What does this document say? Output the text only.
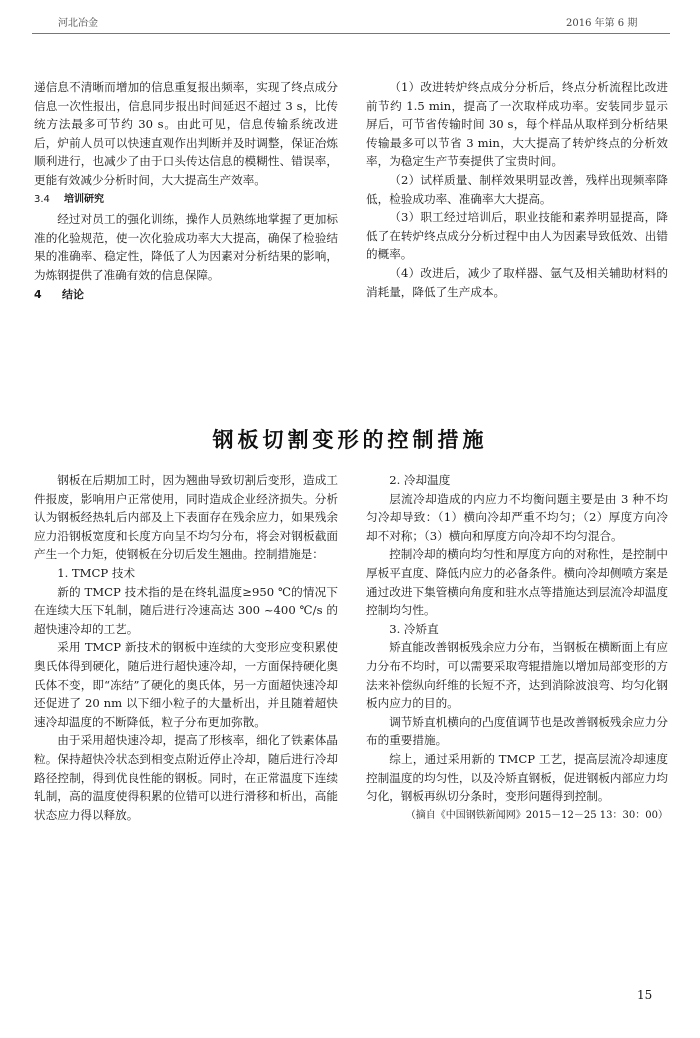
河北冶金	2016 年第 6 期

递信息不清晰而增加的信息重复报出频率，实现了终点成分信息一次性报出，信息同步报出时间延迟不超过 3 s，比传统方法最多可节约 30 s。由此可见，信息传输系统改进后，炉前人员可以快速直观作出判断并及时调整，保证冶炼顺利进行，也减少了由于口头传达信息的模糊性、错误率，更能有效减少分析时间，大大提高生产效率。

3.4 培训研究

经过对员工的强化训练，操作人员熟练地掌握了更加标准的化验规范，使一次化验成功率大大提高，确保了检验结果的准确率、稳定性，降低了人为因素对分析结果的影响，为炼钢提供了准确有效的信息保障。

4 结论

（1）改进转炉终点成分分析后，终点分析流程比改进前节约 1.5 min，提高了一次取样成功率。安装同步显示屏后，可节省传输时间 30 s，每个样品从取样到分析结果传输最多可以节省 3 min，大大提高了转炉终点的分析效率，为稳定生产节奏提供了宝贵时间。

（2）试样质量、制样效果明显改善，残样出现频率降低，检验成功率、准确率大大提高。

（3）职工经过培训后，职业技能和素养明显提高，降低了在转炉终点成分分析过程中由人为因素导致低效、出错的概率。

（4）改进后，减少了取样器、氩气及相关辅助材料的消耗量，降低了生产成本。

钢板切割变形的控制措施

钢板在后期加工时，因为翘曲导致切割后变形，造成工件报废，影响用户正常使用，同时造成企业经济损失。分析认为钢板经热轧后内部及上下表面存在残余应力，如果残余应力沿钢板宽度和长度方向呈不均匀分布，将会对钢板截面产生一个力矩，使钢板在分切后发生翘曲。控制措施是：

1. TMCP 技术

新的 TMCP 技术指的是在终轧温度≥950 ℃的情况下在连续大压下轧制，随后进行冷速高达 300 ~400 ℃/s 的超快速冷却的工艺。

采用 TMCP 新技术的钢板中连续的大变形应变积累使奥氏体得到硬化，随后进行超快速冷却，一方面保持硬化奥氏体不变，即“冻结”了硬化的奥氏体，另一方面超快速冷却还促进了 20 nm 以下细小粒子的大量析出，并且随着超快速冷却温度的不断降低，粒子分布更加弥散。

由于采用超快速冷却，提高了形核率，细化了铁素体晶粒。保持超快冷状态到相变点附近停止冷却，随后进行冷却路径控制，得到优良性能的钢板。同时，在正常温度下连续轧制，高的温度使得积累的位错可以进行滑移和析出，高能状态应力得以释放。

2. 冷却温度

层流冷却造成的内应力不均衡问题主要是由 3 种不均匀冷却导致：（1）横向冷却严重不均匀；（2）厚度方向冷却不对称；（3）横向和厚度方向冷却不均匀混合。

控制冷却的横向均匀性和厚度方向的对称性，是控制中厚板平直度、降低内应力的必备条件。横向冷却侧喷方案是通过改进下集管横向角度和驻水点等措施达到层流冷却温度控制均匀性。

3. 冷矫直

矫直能改善钢板残余应力分布，当钢板在横断面上有应力分布不均时，可以需要采取弯辊措施以增加局部变形的方法来补偿纵向纤维的长短不齐，达到消除波浪弯、均匀化钢板内应力的目的。

调节矫直机横向的凸度值调节也是改善钢板残余应力分布的重要措施。

综上，通过采用新的 TMCP 工艺，提高层流冷却速度控制温度的均匀性，以及冷矫直钢板，促进钢板内部应力均匀化，钢板再纵切分条时，变形问题得到控制。

（摘自《中国钢铁新闻网》2015－12－25 13：30：00）
15
